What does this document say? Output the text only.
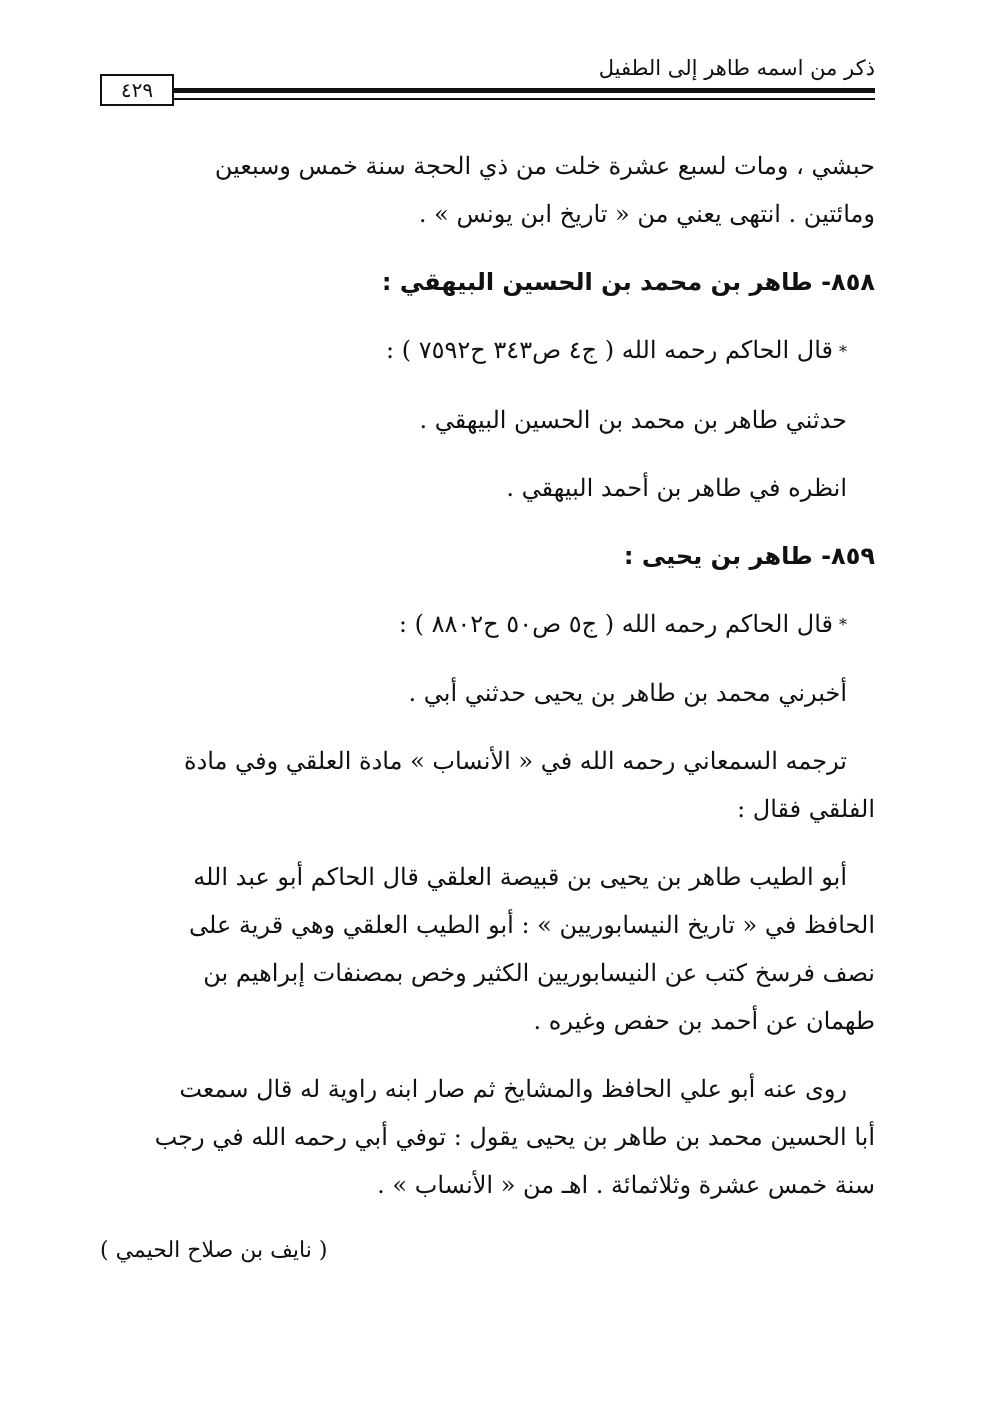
ذكر من اسمه طاهر إلى الطفيل
٤٢٩
حبشي ، ومات لسبع عشرة خلت من ذي الحجة سنة خمس وسبعين
ومائتين . انتهى يعني من « تاريخ ابن يونس » .
٨٥٨- طاهر بن محمد بن الحسين البيهقي :
*قال الحاكم رحمه الله ( ج٤ ص٣٤٣ ح٧٥٩٢ ) :
حدثني طاهر بن محمد بن الحسين البيهقي .
انظره في طاهر بن أحمد البيهقي .
٨٥٩- طاهر بن يحيى :
*قال الحاكم رحمه الله ( ج٥ ص٥٠ ح٨٨٠٢ ) :
أخبرني محمد بن طاهر بن يحيى حدثني أبي .
ترجمه السمعاني رحمه الله في « الأنساب » مادة العلقي وفي مادة
الفلقي فقال :
أبو الطيب طاهر بن يحيى بن قبيصة العلقي قال الحاكم أبو عبد الله
الحافظ في « تاريخ النيسابوريين » : أبو الطيب العلقي وهي قرية على
نصف فرسخ كتب عن النيسابوريين الكثير وخص بمصنفات إبراهيم بن
طهمان عن أحمد بن حفص وغيره .
روى عنه أبو علي الحافظ والمشايخ ثم صار ابنه راوية له قال سمعت
أبا الحسين محمد بن طاهر بن يحيى يقول : توفي أبي رحمه الله في رجب
سنة خمس عشرة وثلاثمائة . اهـ من « الأنساب » .
( نايف بن صلاح الحيمي )
